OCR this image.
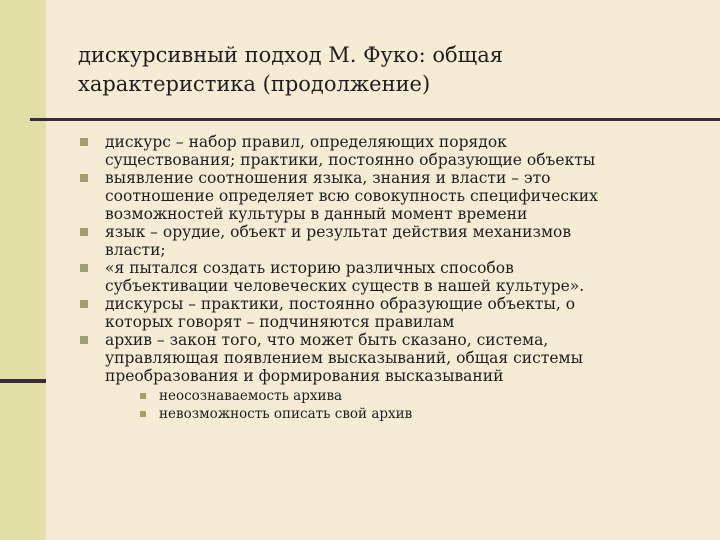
дискурсивный подход М. Фуко: общая
характеристика (продолжение)
дискурс – набор правил, определяющих порядок
существования; практики, постоянно образующие объекты
выявление соотношения языка, знания и власти – это
соотношение определяет всю совокупность специфических
возможностей культуры в данный момент времени
язык – орудие, объект и результат действия механизмов
власти;
«я пытался создать историю различных способов
субъективации человеческих существ в нашей культуре».
дискурсы – практики, постоянно образующие объекты, о
которых говорят – подчиняются правилам
архив – закон того, что может быть сказано, система,
управляющая появлением высказываний, общая системы
преобразования и формирования высказываний
неосознаваемость архива
невозможность описать свой архив
